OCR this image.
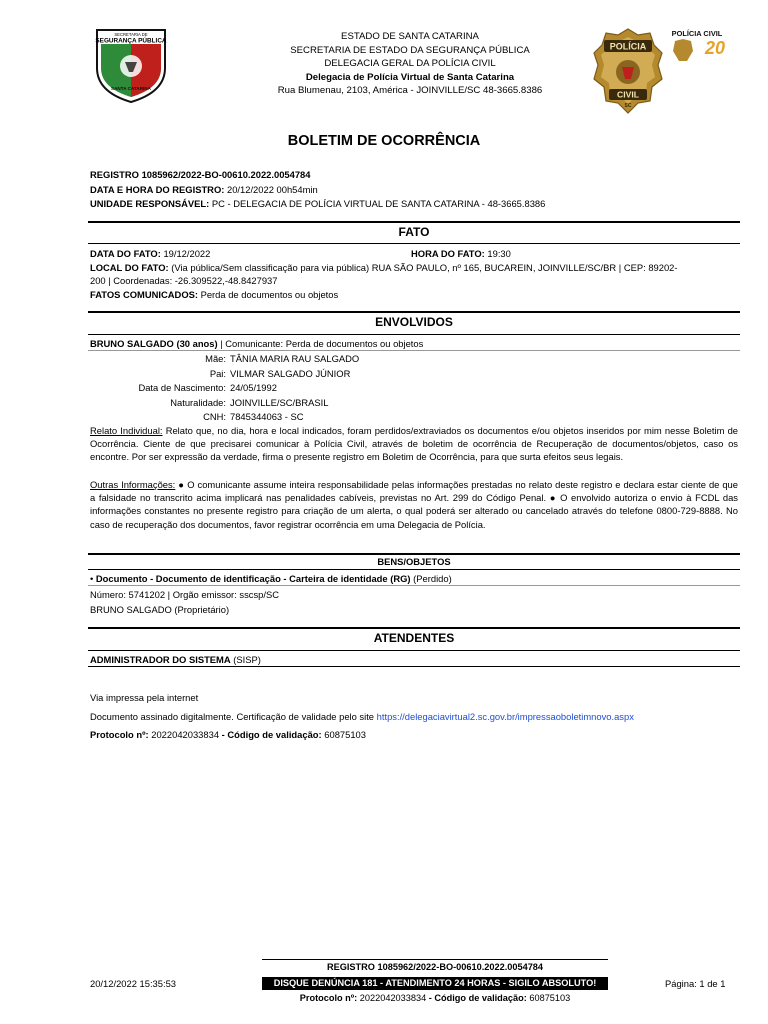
SECRETARIA DE
SEGURANÇA PÚBLICA
SANTA CATARINA
ESTADO DE SANTA CATARINA
SECRETARIA DE ESTADO DA SEGURANÇA PÚBLICA
DELEGACIA GERAL DA POLÍCIA CIVIL
Delegacia de Polícia Virtual de Santa Catarina
Rua Blumenau, 2103, América - JOINVILLE/SC 48-3665.8386
POLÍCIA
CIVIL
SC
POLÍCIA CIVIL
20
BOLETIM DE OCORRÊNCIA
REGISTRO 1085962/2022-BO-00610.2022.0054784
DATA E HORA DO REGISTRO: 20/12/2022 00h54min
UNIDADE RESPONSÁVEL: PC - DELEGACIA DE POLÍCIA VIRTUAL DE SANTA CATARINA - 48-3665.8386
FATO
DATA DO FATO: 19/12/2022	HORA DO FATO: 19:30
LOCAL DO FATO: (Via pública/Sem classificação para via pública) RUA SÃO PAULO, nº 165, BUCAREIN, JOINVILLE/SC/BR | CEP: 89202-
200 | Coordenadas: -26.309522,-48.8427937
FATOS COMUNICADOS: Perda de documentos ou objetos
ENVOLVIDOS
BRUNO SALGADO (30 anos) | Comunicante: Perda de documentos ou objetos
Mãe: TÂNIA MARIA RAU SALGADO
Pai: VILMAR SALGADO JÚNIOR
Data de Nascimento: 24/05/1992
Naturalidade: JOINVILLE/SC/BRASIL
CNH: 7845344063 - SC
Relato Individual: Relato que, no dia, hora e local indicados, foram perdidos/extraviados os documentos e/ou objetos inseridos por mim nesse Boletim de Ocorrência. Ciente de que precisarei comunicar à Polícia Civil, através de boletim de ocorrência de Recuperação de documentos/objetos, caso os encontre. Por ser expressão da verdade, firma o presente registro em Boletim de Ocorrência, para que surta efeitos seus legais.
Outras Informações: ● O comunicante assume inteira responsabilidade pelas informações prestadas no relato deste registro e declara estar ciente de que a falsidade no transcrito acima implicará nas penalidades cabíveis, previstas no Art. 299 do Código Penal. ● O envolvido autoriza o envio à FCDL das informações constantes no presente registro para criação de um alerta, o qual poderá ser alterado ou cancelado através do telefone 0800-729-8888. No caso de recuperação dos documentos, favor registrar ocorrência em uma Delegacia de Polícia.
BENS/OBJETOS
• Documento - Documento de identificação - Carteira de identidade (RG) (Perdido)
Número: 5741202 | Orgão emissor: sscsp/SC
BRUNO SALGADO (Proprietário)
ATENDENTES
ADMINISTRADOR DO SISTEMA (SISP)
Via impressa pela internet
Documento assinado digitalmente. Certificação de validade pelo site https://delegaciavirtual2.sc.gov.br/impressaoboletimnovo.aspx
Protocolo nº: 2022042033834 - Código de validação: 60875103
REGISTRO 1085962/2022-BO-00610.2022.0054784
20/12/2022 15:35:53	DISQUE DENÚNCIA 181 - ATENDIMENTO 24 HORAS - SIGILO ABSOLUTO!	Página: 1 de 1
Protocolo nº: 2022042033834 - Código de validação: 60875103
